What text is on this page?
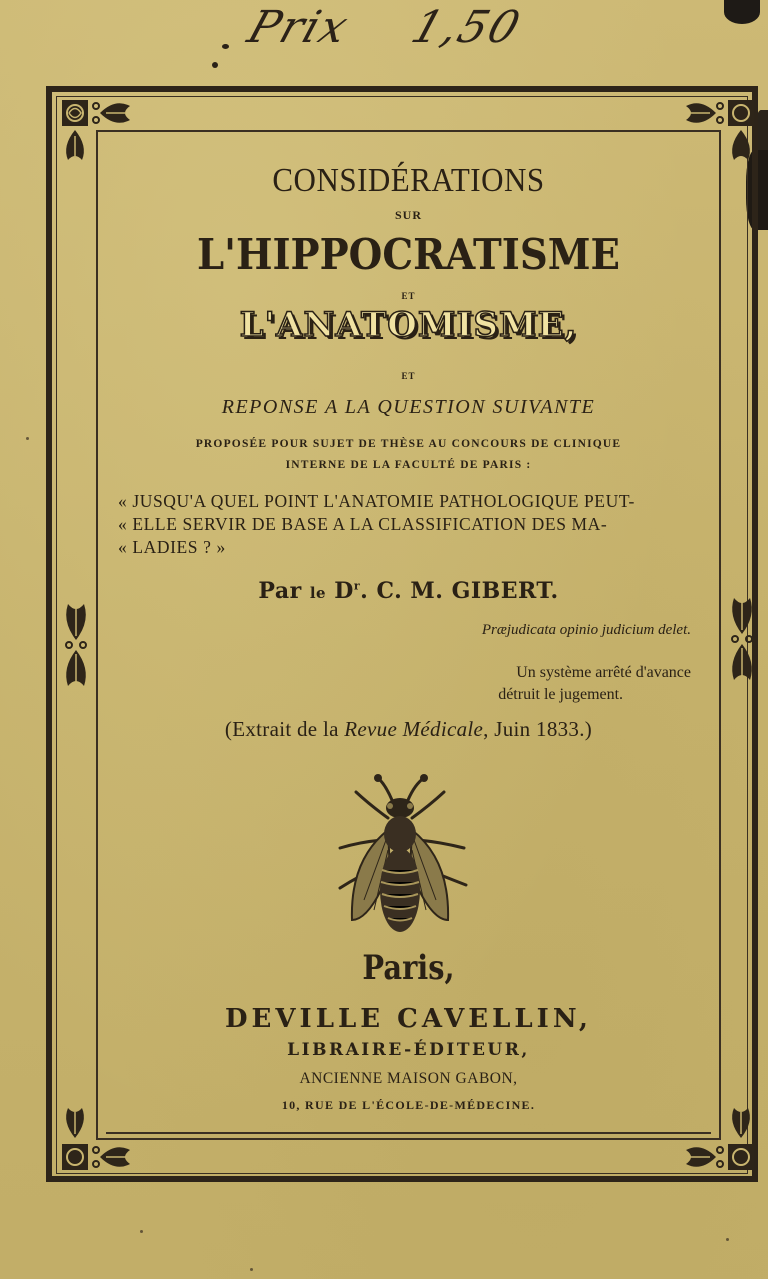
Prix 1,50
CONSIDÉRATIONS
SUR
L'HIPPOCRATISME
ET
L'ANATOMISME,
ET
REPONSE A LA QUESTION SUIVANTE
PROPOSÉE POUR SUJET DE THÈSE AU CONCOURS DE CLINIQUE
INTERNE DE LA FACULTÉ DE PARIS :
« JUSQU'A QUEL POINT L'ANATOMIE PATHOLOGIQUE PEUT-
« ELLE SERVIR DE BASE A LA CLASSIFICATION DES MA-
« LADIES ? »
Par le $D^r$. C. M. GIBERT.
Præjudicata opinio judicium delet.
Un système arrêté d'avance
détruit le jugement.
(Extrait de la Revue Médicale, Juin 1833.)
Paris,
DEVILLE CAVELLIN,
LIBRAIRE-ÉDITEUR,
ANCIENNE MAISON GABON,
10, RUE DE L'ÉCOLE-DE-MÉDECINE.
